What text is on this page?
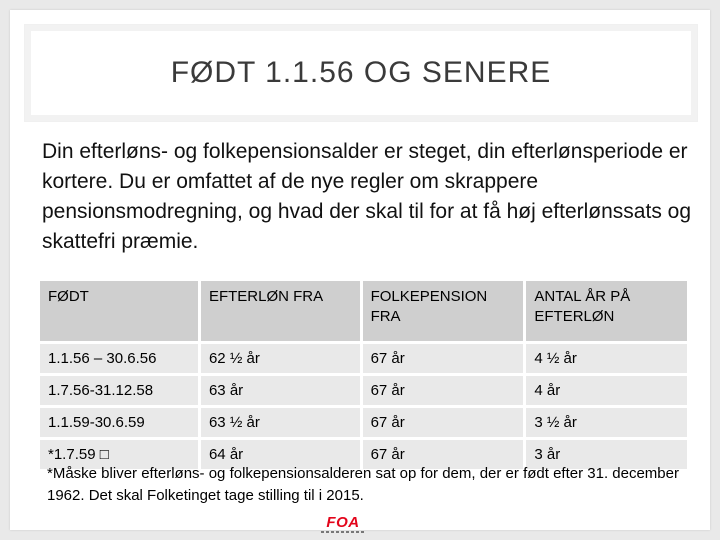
FØDT 1.1.56 OG SENERE

Din efterløns- og folkepensionsalder er steget, din efterlønsperiode er kortere. Du er omfattet af de nye regler om skrappere pensionsmodregning, og hvad der skal til for at få høj efterlønssats og skattefri præmie.

FØDT	EFTERLØN FRA	FOLKEPENSION FRA	ANTAL ÅR PÅ EFTERLØN
1.1.56 – 30.6.56	62 ½ år	67 år	4 ½ år
1.7.56-31.12.58	63 år	67 år	4 år
1.1.59-30.6.59	63 ½ år	67 år	3 ½ år
*1.7.59 □	64 år	67 år	3 år

*Måske bliver efterløns- og folkepensionsalderen sat op for dem, der er født efter 31. december 1962. Det skal Folketinget tage stilling til i 2015.

FOA
